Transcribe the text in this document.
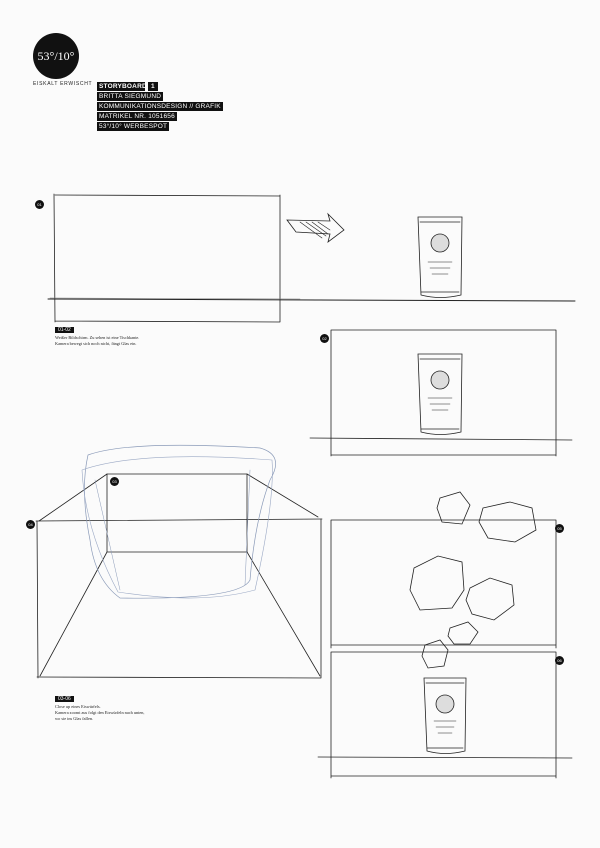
53°/10°
EISKALT ERWISCHT	STORYBOARD 1
BRITTA SIEGMUND
KOMMUNIKATIONSDESIGN // GRAFIK
MATRIKEL NR. 1051656
53°/10° WERBESPOT
01
02
03
04
05
06
01-02
Weißer Bildschirm. Zu sehen ist eine Tischkante.
Kamera bewegt sich noch nicht, fängt Glas ein.
03-06
Close up eines Eiswürfels.
Kamera zoomt aus folgt den Eiswürfeln nach unten,
wo sie ins Glas fallen.
